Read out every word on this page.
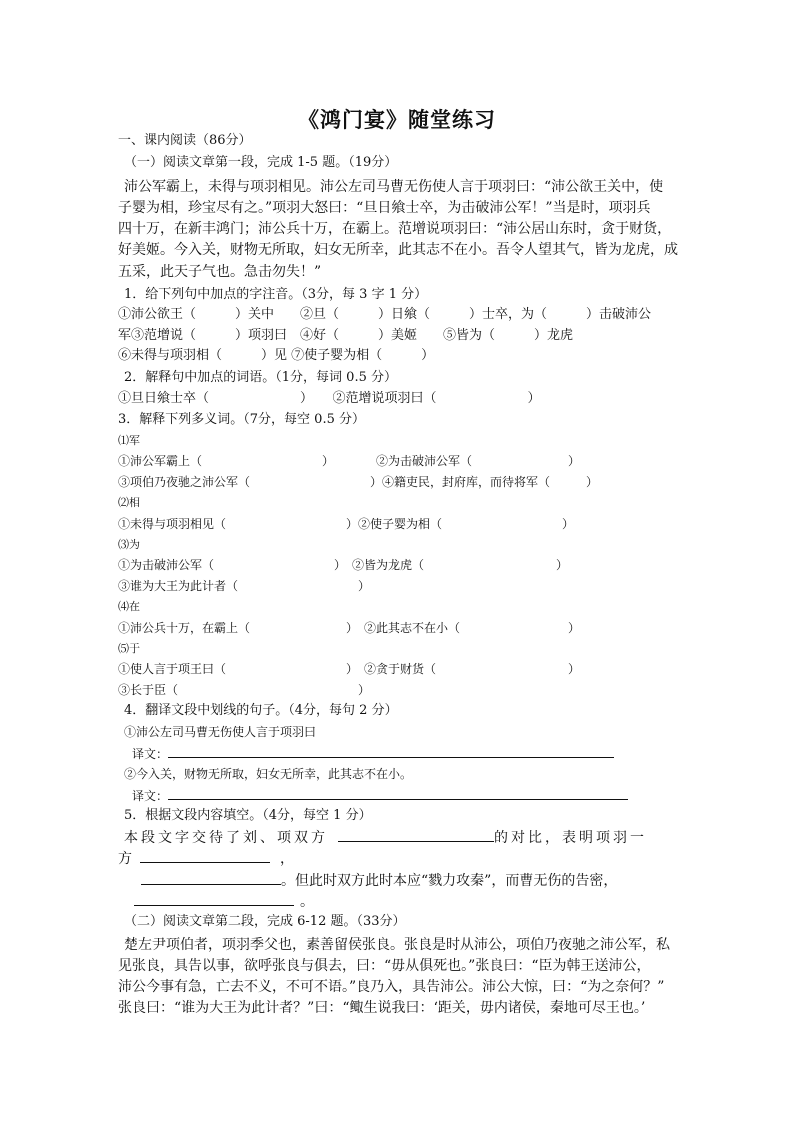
《鸿门宴》随堂练习
一、课内阅读（86分）
（一）阅读文章第一段，完成 1-5 题。（19分）
沛公军霸上，未得与项羽相见。沛公左司马曹无伤使人言于项羽曰：“沛公欲王关中，使
子婴为相，珍宝尽有之。”项羽大怒曰：“旦日飨士卒，为击破沛公军！”当是时，项羽兵
四十万，在新丰鸿门；沛公兵十万，在霸上。范增说项羽曰：“沛公居山东时，贪于财货，
好美姬。今入关，财物无所取，妇女无所幸，此其志不在小。吾令人望其气，皆为龙虎，成
五采，此天子气也。急击勿失！”
1．给下列句中加点的字注音。（3分，每 3 字 1 分）
①沛公欲王（　　　）关中　　②旦（　　　）日飨（　　　）士卒，为（　　　）击破沛公
军③范增说（　　　）项羽曰　④好（　　　）美姬　　⑤皆为（　　　）龙虎
⑥未得与项羽相（　　　）见 ⑦使子婴为相（　　　）
2．解释句中加点的词语。（1分，每词 0.5 分）
①旦日飨士卒（　　　　　　　）　　②范增说项羽曰（　　　　　　　）
3．解释下列多义词。（7分，每空 0.5 分）
⑴军
①沛公军霸上（　　　　　　　　　　）　　　　②为击破沛公军（　　　　　　　　）
③项伯乃夜驰之沛公军（　　　　　　　　　　）④籍吏民，封府库，而待将军（　　　）
⑵相
①未得与项羽相见（　　　　　　　　　　）②使子婴为相（　　　　　　　　　　）
⑶为
①为击破沛公军（　　　　　　　　　　）　②皆为龙虎（　　　　　　　　　　　）
③谁为大王为此计者（　　　　　　　　　　）
⑷在
①沛公兵十万，在霸上（　　　　　　　　）　②此其志不在小（　　　　　　　　　）
⑸于
①使人言于项王曰（　　　　　　　　　　）　②贪于财货（　　　　　　　　　　　）
③长于臣（　　　　　　　　　　　　　　　）
4．翻译文段中划线的句子。（4分，每句 2 分）
①沛公左司马曹无伤使人言于项羽曰
译文：
②今入关，财物无所取，妇女无所幸，此其志不在小。
译文：
5．根据文段内容填空。（4分，每空 1 分）
本段文字交待了刘、项双方	的对比，表明项羽一
方	，
。但此时双方此时本应“戮力攻秦”，而曹无伤的告密，
。
（二）阅读文章第二段，完成 6-12 题。（33分）
楚左尹项伯者，项羽季父也，素善留侯张良。张良是时从沛公，项伯乃夜驰之沛公军，私
见张良，具告以事，欲呼张良与俱去，曰：“毋从俱死也。”张良曰：“臣为韩王送沛公，
沛公今事有急，亡去不义，不可不语。”良乃入，具告沛公。沛公大惊，曰：“为之奈何？”
张良曰：“谁为大王为此计者？”曰：“鲰生说我曰：‘距关，毋内诸侯，秦地可尽王也。’
